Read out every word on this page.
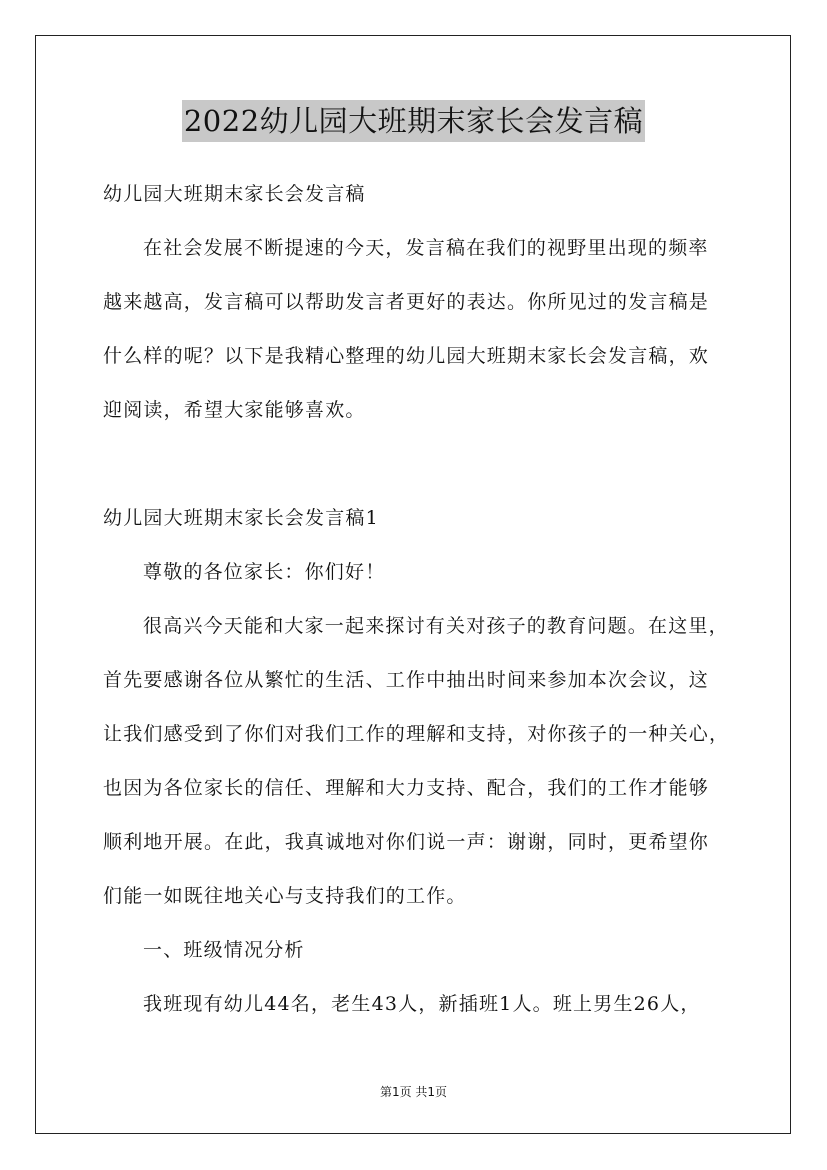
2022幼儿园大班期末家长会发言稿
幼儿园大班期末家长会发言稿
在社会发展不断提速的今天，发言稿在我们的视野里出现的频率
越来越高，发言稿可以帮助发言者更好的表达。你所见过的发言稿是
什么样的呢？以下是我精心整理的幼儿园大班期末家长会发言稿，欢
迎阅读，希望大家能够喜欢。
幼儿园大班期末家长会发言稿1
尊敬的各位家长：你们好！
很高兴今天能和大家一起来探讨有关对孩子的教育问题。在这里，
首先要感谢各位从繁忙的生活、工作中抽出时间来参加本次会议，这
让我们感受到了你们对我们工作的理解和支持，对你孩子的一种关心，
也因为各位家长的信任、理解和大力支持、配合，我们的工作才能够
顺利地开展。在此，我真诚地对你们说一声：谢谢，同时，更希望你
们能一如既往地关心与支持我们的工作。
一、班级情况分析
我班现有幼儿44名，老生43人，新插班1人。班上男生26人，
第1页 共1页
